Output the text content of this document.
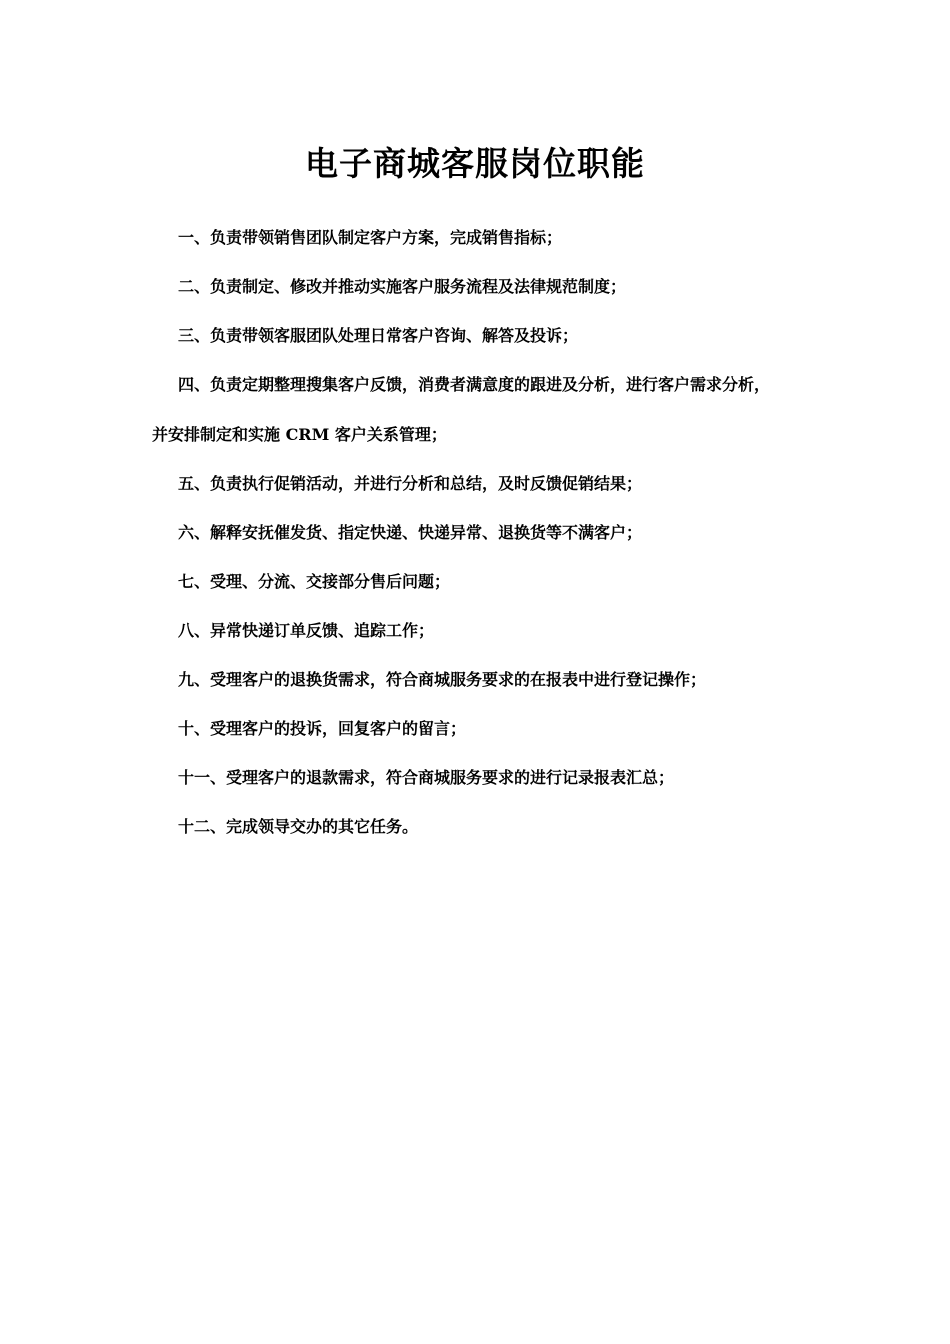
电子商城客服岗位职能
一、负责带领销售团队制定客户方案，完成销售指标；
二、负责制定、修改并推动实施客户服务流程及法律规范制度；
三、负责带领客服团队处理日常客户咨询、解答及投诉；
四、负责定期整理搜集客户反馈，消费者满意度的跟进及分析，进行客户需求分析，
并安排制定和实施 CRM 客户关系管理；
五、负责执行促销活动，并进行分析和总结，及时反馈促销结果；
六、解释安抚催发货、指定快递、快递异常、退换货等不满客户；
七、受理、分流、交接部分售后问题；
八、异常快递订单反馈、追踪工作；
九、受理客户的退换货需求，符合商城服务要求的在报表中进行登记操作；
十、受理客户的投诉，回复客户的留言；
十一、受理客户的退款需求，符合商城服务要求的进行记录报表汇总；
十二、完成领导交办的其它任务。
